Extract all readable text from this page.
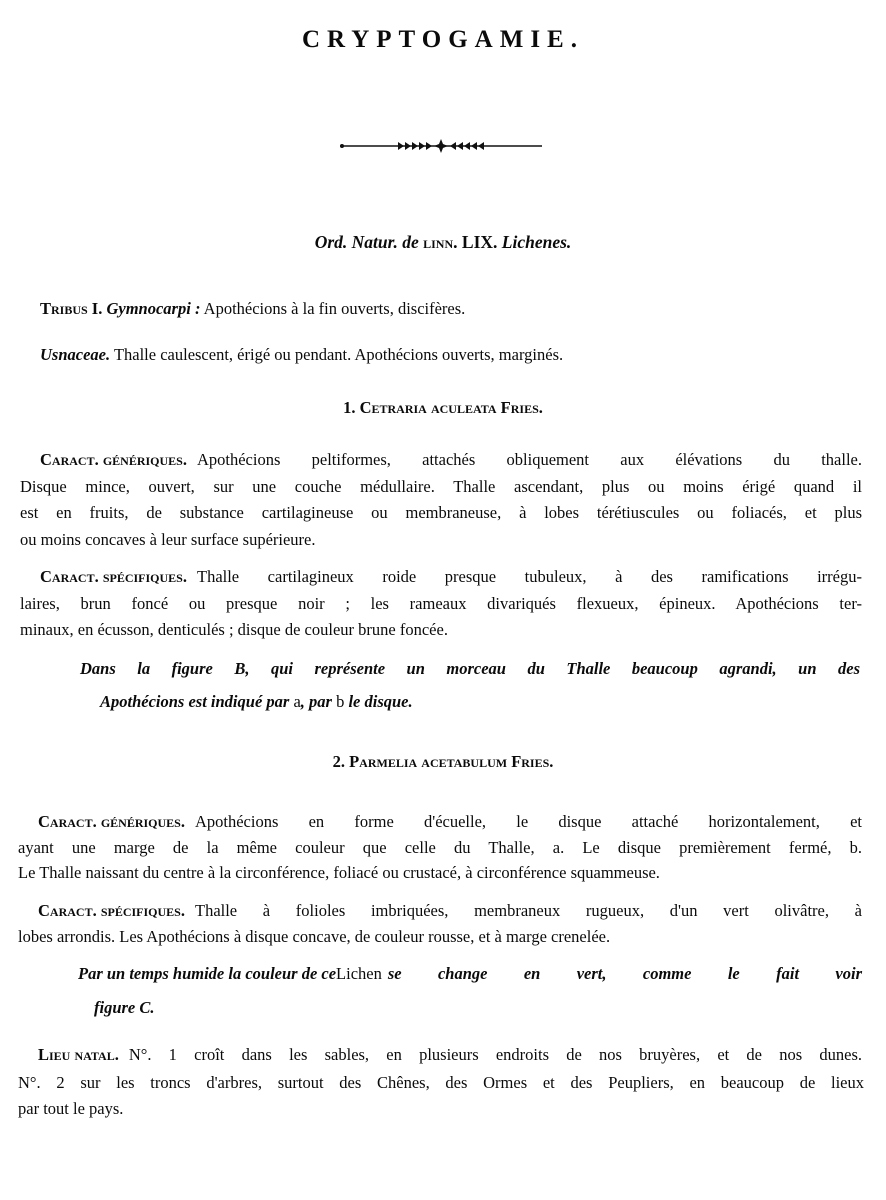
CRYPTOGAMIE.
Ord. Natur. de linn. LIX. Lichenes.
Tribus I. Gymnocarpi : Apothécions à la fin ouverts, discifères.
Usnaceae. Thalle caulescent, érigé ou pendant. Apothécions ouverts, marginés.
1. Cetraria aculeata Fries.
Caract. génériques. Apothécions peltiformes, attachés obliquement aux élévations du thalle.
Disque mince, ouvert, sur une couche médullaire. Thalle ascendant, plus ou moins érigé quand il
est en fruits, de substance cartilagineuse ou membraneuse, à lobes térétiuscules ou foliacés, et plus
ou moins concaves à leur surface supérieure.
Caract. spécifiques. Thalle cartilagineux roide presque tubuleux, à des ramifications irrégu-
laires, brun foncé ou presque noir ; les rameaux divariqués flexueux, épineux. Apothécions ter-
minaux, en écusson, denticulés ; disque de couleur brune foncée.
Dans la figure B, qui représente un morceau du Thalle beaucoup agrandi, un des
Apothécions est indiqué par a, par b le disque.
2. Parmelia acetabulum Fries.
Caract. génériques. Apothécions en forme d'écuelle, le disque attaché horizontalement, et
ayant une marge de la même couleur que celle du Thalle, a. Le disque premièrement fermé, b.
Le Thalle naissant du centre à la circonférence, foliacé ou crustacé, à circonférence squammeuse.
Caract. spécifiques. Thalle à folioles imbriquées, membraneux rugueux, d'un vert olivâtre, à
lobes arrondis. Les Apothécions à disque concave, de couleur rousse, et à marge crenelée.
Par un temps humide la couleur de ce Lichen se change en vert, comme le fait voir
figure C.
Lieu natal. N°. 1 croît dans les sables, en plusieurs endroits de nos bruyères, et de nos dunes.
N°. 2 sur les troncs d'arbres, surtout des Chênes, des Ormes et des Peupliers, en beaucoup de lieux
par tout le pays.
